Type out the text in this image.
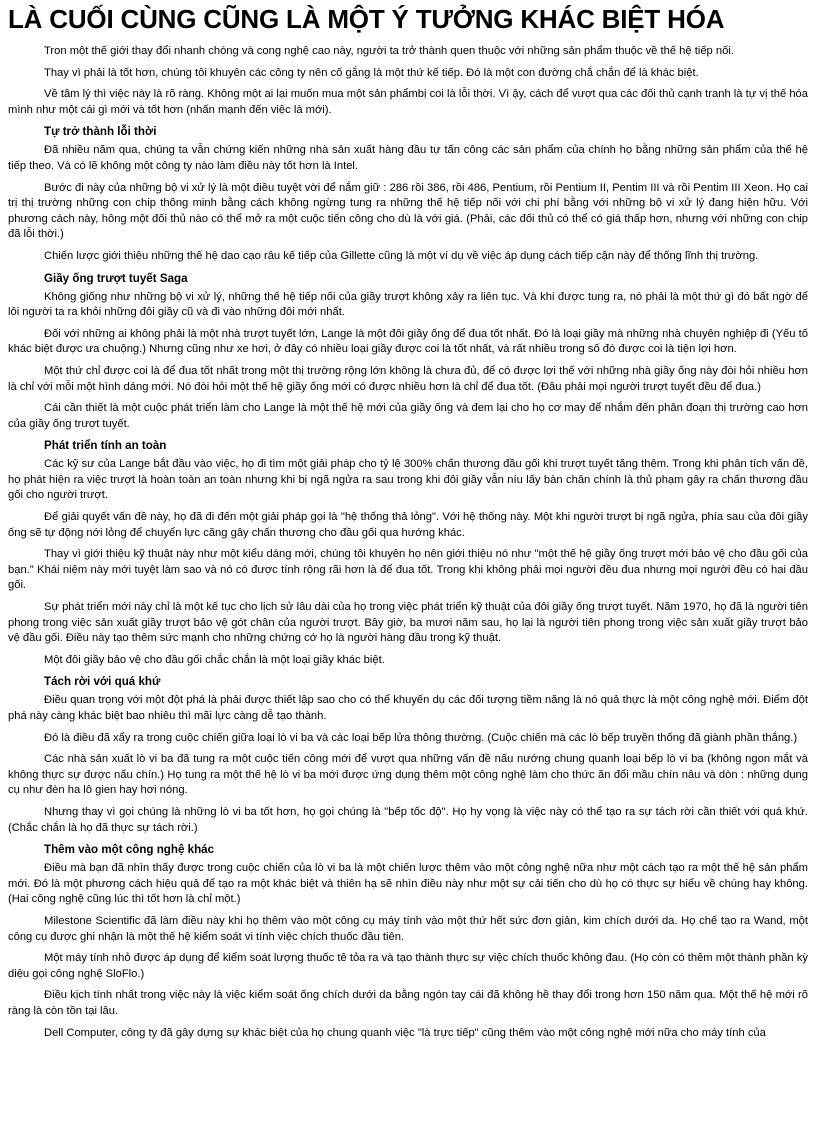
LÀ CUỐI CÙNG CŨNG LÀ MỘT Ý TƯỞNG KHÁC BIỆT HÓA

Tron một thế giới thay đổi nhanh chóng và cong nghệ cao này, người ta trở thành quen thuộc với những sản phẩm thuộc về thế hệ tiếp nối.

Thay vì phải là tốt hơn, chúng tôi khuyên các công ty nên cố gắng là một thứ kế tiếp. Đó là một con đường chắ chắn để là khác biệt.

Về tâm lý thì việc này là rõ ràng. Không một ai lại muốn mua một sản phẩmbị coi là lỗi thời. Vì ậy, cách để vượt qua các đối thủ cạnh tranh là tự vị thế hóa mình như một cái gì mới và tốt hơn (nhấn mạnh đến việc là mới).

Tự trở thành lỗi thời

Đã nhiều năm qua, chúng ta vẫn chứng kiến những nhà sản xuất hàng đầu tự tấn công các sản phẩm của chính họ bằng những sản phẩm của thế hệ tiếp theo. Và có lẽ không một công ty nào làm điều này tốt hơn là Intel.

Bước đi này của những bộ vi xử lý là một điều tuyệt vời để nắm giữ : 286 rồi 386, rồi 486, Pentium, rồi Pentium II, Pentim III và rồi Pentim III Xeon. Họ cai trị thị trường những con chip thông minh bằng cách không ngừng tung ra những thế hệ tiếp nối với chi phí bằng với những bộ vi xử lý đang hiện hữu. Với phương cách này, hông một đối thủ nào có thể mở ra một cuộc tiến công cho dù là với giá. (Phải, các đối thủ có thể có giá thấp hơn, nhưng với những con chip đã lỗi thời.)

Chiến lược giới thiệu những thế hệ dao cạo râu kế tiếp của Gillette cũng là một ví dụ về việc áp dụng cách tiếp cận này để thống lĩnh thị trường.

Giầy ống trượt tuyết Saga

Không giống như những bộ vi xử lý, những thế hệ tiếp nối của giầy trượt không xảy ra liên tục. Và khi được tung ra, nó phải là một thứ gì đó bất ngờ để lôi người ta ra khỏi những đôi giầy cũ và đi vào những đôi mới nhất.

Đối với những ai không phải là một nhà trượt tuyết lớn, Lange là một đôi giầy ống để đua tốt nhất. Đó là loại giầy mà những nhà chuyên nghiệp đi (Yếu tố khác biệt được ưa chuộng.) Nhưng cũng như xe hơi, ở đây có nhiều loại giầy được coi là tốt nhất, và rất nhiều trong số đó được coi là tiện lợi hơn.

Một thứ chỉ được coi là để đua tốt nhất trong một thị trường rộng lớn không là chưa đủ, để có được lợi thế với những nhà giầy ống này đòi hỏi nhiều hơn là chỉ với mỗi một hình dáng mới. Nó đòi hỏi một thế hệ giầy ống mới có được nhiều hơn là chỉ để đua tốt. (Đâu phải mọi người trượt tuyết đều để đua.)

Cái cần thiết là một cuộc phát triển làm cho Lange là một thế hệ mới của giầy ống và đem lại cho họ cơ may để nhắm đến phân đoạn thị trường cao hơn của giầy ống trượt tuyết.

Phát triển tính an toàn

Các kỹ sư của Lange bắt đầu vào việc, họ đi tìm một giải pháp cho tỷ lệ 300% chấn thương đầu gối khi trượt tuyết tăng thêm. Trong khi phân tích vấn đề, họ phát hiện ra việc trượt là hoàn toàn an toàn nhưng khi bị ngã ngửa ra sau trong khi đôi giầy vẫn níu lấy bàn chân chính là thủ phạm gây ra chấn thương đầu gối cho người trượt.

Để giải quyết vấn đề này, họ đã đi đến một giải pháp gọi là "hệ thống thả lỏng". Với hệ thống này. Một khi người trượt bị ngã ngửa, phía sau của đôi giầy ống sẽ tự động nới lỏng để chuyển lực căng gây chấn thương cho đầu gối qua hướng khác.

Thay vì giới thiệu kỹ thuật này như một kiểu dáng mới, chúng tôi khuyên họ nên giới thiệu nó như "một thế hệ giầy ống trượt mới bảo vệ cho đầu gối của bạn." Khái niệm này mới tuyệt làm sao và nó có được tính rộng rãi hơn là để đua tốt. Trong khi không phải mọi người đều đua nhưng mọi người đều có hai đầu gối.

Sự phát triển mới này chỉ là một kế tục cho lịch sử lâu dài của họ trong việc phát triển kỹ thuật của đôi giầy ống trượt tuyết. Năm 1970, họ đã là người tiên phong trong việc sản xuất giầy trượt bảo vệ gót chân của người trượt. Bây giờ, ba mươi năm sau, họ lại là người tiên phong trong việc sản xuất giầy trượt bảo vệ đầu gối. Điều này tạo thêm sức mạnh cho những chứng cớ họ là người hàng đầu trong kỹ thuật.

Một đôi giầy bảo vệ cho đầu gối chắc chắn là một loại giầy khác biệt.

Tách rời với quá khứ

Điều quan trọng với một đột phá là phải được thiết lập sao cho có thể khuyến dụ các đối tượng tiềm năng là nó quả thực là một công nghệ mới. Điểm đột phá này càng khác biệt bao nhiêu thì mãi lực càng dễ tạo thành.

Đó là điều đã xẩy ra trong cuộc chiến giữa loại lò vi ba và các loại bếp lửa thông thường. (Cuộc chiến mà các lò bếp truyền thống đã giành phần thắng.)

Các nhà sản xuất lò vi ba đã tung ra một cuộc tiến công mới để vượt qua những vấn đề nấu nướng chung quanh loại bếp lò vi ba (không ngon mắt và không thực sự được nấu chín.) Họ tung ra một thế hệ lò vi ba mới được ứng dụng thêm một công nghệ làm cho thức ăn đổi mầu chín nâu và dòn : những dụng cụ như đèn ha lô gien hay hơi nóng.

Nhưng thay vì gọi chúng là những lò vi ba tốt hơn, họ gọi chúng là "bếp tốc độ". Họ hy vọng là việc này có thể tạo ra sự tách rời cần thiết với quá khứ. (Chắc chắn là họ đã thực sự tách rời.)

Thêm vào một công nghệ khác

Điều mà bạn đã nhìn thấy được trong cuộc chiến của lò vi ba là một chiến lược thêm vào một công nghệ nữa như một cách tạo ra một thế hệ sản phẩm mới. Đó là một phương cách hiệu quả để tạo ra một khác biệt và thiên hạ sẽ nhìn điều này như một sự cải tiến cho dù họ có thực sự hiểu về chúng hay không. (Hai công nghệ cũng lúc thì tốt hơn là chỉ một.)

Milestone Scientific đã làm điều này khi họ thêm vào một công cụ máy tính vào một thứ hết sức đơn giản, kim chích dưới da. Họ chế tạo ra Wand, một công cụ được ghi nhận là một thế hệ kiểm soát vi tính việc chích thuốc đầu tiên.

Một máy tính nhỏ được áp dụng để kiểm soát lượng thuốc tê tỏa ra và tạo thành thực sự việc chích thuốc không đau. (Họ còn có thêm một thành phần kỳ diệu gọi công nghệ SloFlo.)

Điều kịch tính nhất trong việc này là việc kiểm soát ống chích dưới da bằng ngón tay cái đã không hề thay đổi trong hơn 150 năm qua. Một thế hệ mới rõ ràng là còn tồn tại lâu.

Dell Computer, công ty đã gây dựng sự khác biệt của họ chung quanh việc "là trực tiếp" cũng thêm vào một công nghệ mới nữa cho máy tính của
